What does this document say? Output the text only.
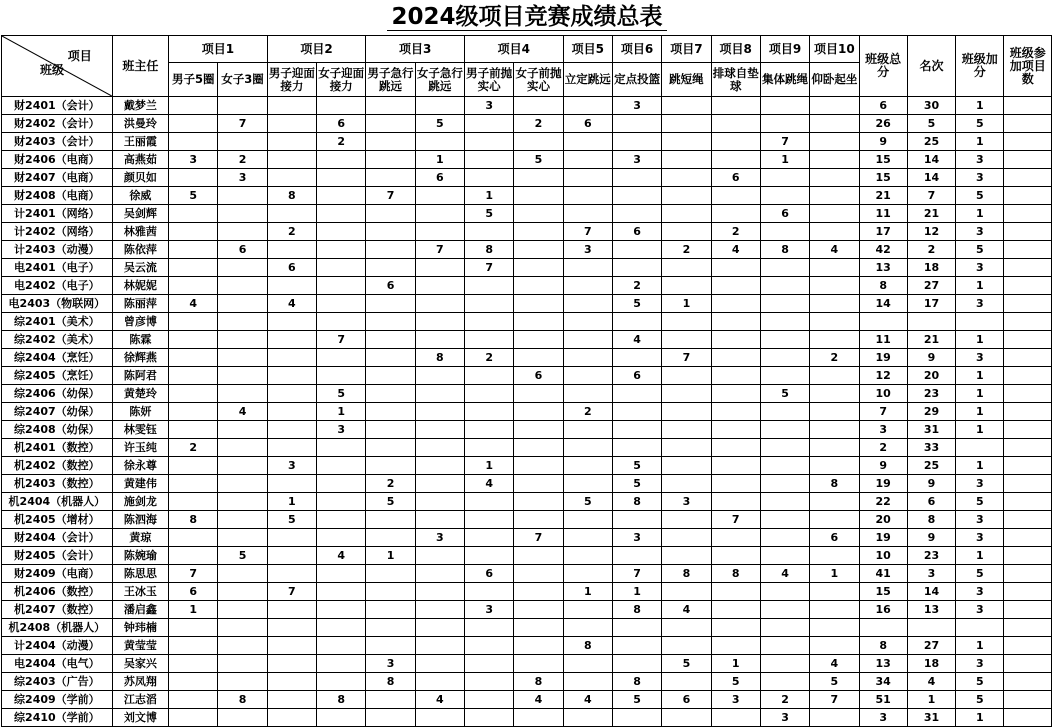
2024级项目竞赛成绩总表
项目
班级	班主任	项目1		项目2		项目3		项目4		项目5	项目6	项目7	项目8	项目9	项目10	班级总分	名次	班级加分	班级参加项目数
		男子5圈	女子3圈	男子迎面接力	女子迎面接力	男子急行跳远	女子急行跳远	男子前抛实心	女子前抛实心	立定跳远	定点投篮	跳短绳	排球自垫球	集体跳绳	仰卧起坐				
财2401（会计）	戴梦兰							3			3					6	30	1	
财2402（会计）	洪曼玲		7		6		5		2	6						26	5	5	
财2403（会计）	王丽霞				2									7		9	25	1	
财2406（电商）	高燕茹	3	2				1		5		3			1		15	14	3	
财2407（电商）	颜贝如		3				6						6			15	14	3	
财2408（电商）	徐威	5		8		7		1								21	7	5	
计2401（网络）	吴剑辉							5						6		11	21	1	
计2402（网络）	林雅茜			2						7	6		2			17	12	3	
计2403（动漫）	陈依萍		6				7	8		3		2	4	8	4	42	2	5	
电2401（电子）	吴云流			6				7								13	18	3	
电2402（电子）	林妮妮					6					2					8	27	1	
电2403（物联网）	陈丽萍	4		4							5	1				14	17	3	
综2401（美术）	曾彦博																		
综2402（美术）	陈霖				7						4					11	21	1	
综2404（烹饪）	徐辉燕						8	2				7			2	19	9	3	
综2405（烹饪）	陈阿君								6		6					12	20	1	
综2406（幼保）	黄楚玲				5									5		10	23	1	
综2407（幼保）	陈妍		4		1					2						7	29	1	
综2408（幼保）	林雯钰				3											3	31	1	
机2401（数控）	许玉纯	2														2	33		
机2402（数控）	徐永尊			3				1			5					9	25	1	
机2403（数控）	黄建伟					2		4			5				8	19	9	3	
机2404（机器人）	施剑龙			1		5				5	8	3				22	6	5	
机2405（增材）	陈泗海	8		5									7			20	8	3	
财2404（会计）	黄琼						3		7		3				6	19	9	3	
财2405（会计）	陈婉瑜		5		4	1										10	23	1	
财2409（电商）	陈思思	7						6			7	8	8	4	1	41	3	5	
机2406（数控）	王冰玉	6		7						1	1					15	14	3	
机2407（数控）	潘启鑫	1						3			8	4				16	13	3	
机2408（机器人）	钟玮楠																		
计2404（动漫）	黄莹莹									8						8	27	1	
电2404（电气）	吴家兴					3						5	1		4	13	18	3	
综2403（广告）	苏凤翔					8			8		8		5		5	34	4	5	
综2409（学前）	江志滔		8		8		4		4	4	5	6	3	2	7	51	1	5	
综2410（学前）	刘文博													3		3	31	1	
